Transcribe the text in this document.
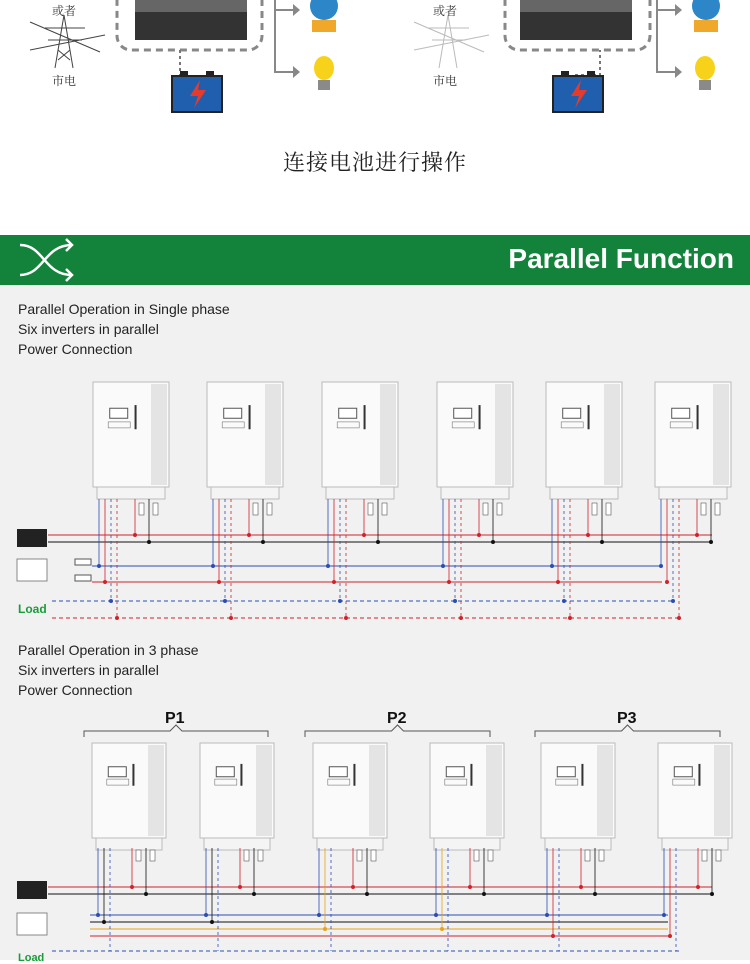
或者
市电
或者
市电
连接电池进行操作
Parallel Function
Parallel Operation in Single phase
Six inverters in parallel
Power Connection
Load
Parallel Operation in 3 phase
Six inverters in parallel
Power Connection
P1	P2	P3
Load
